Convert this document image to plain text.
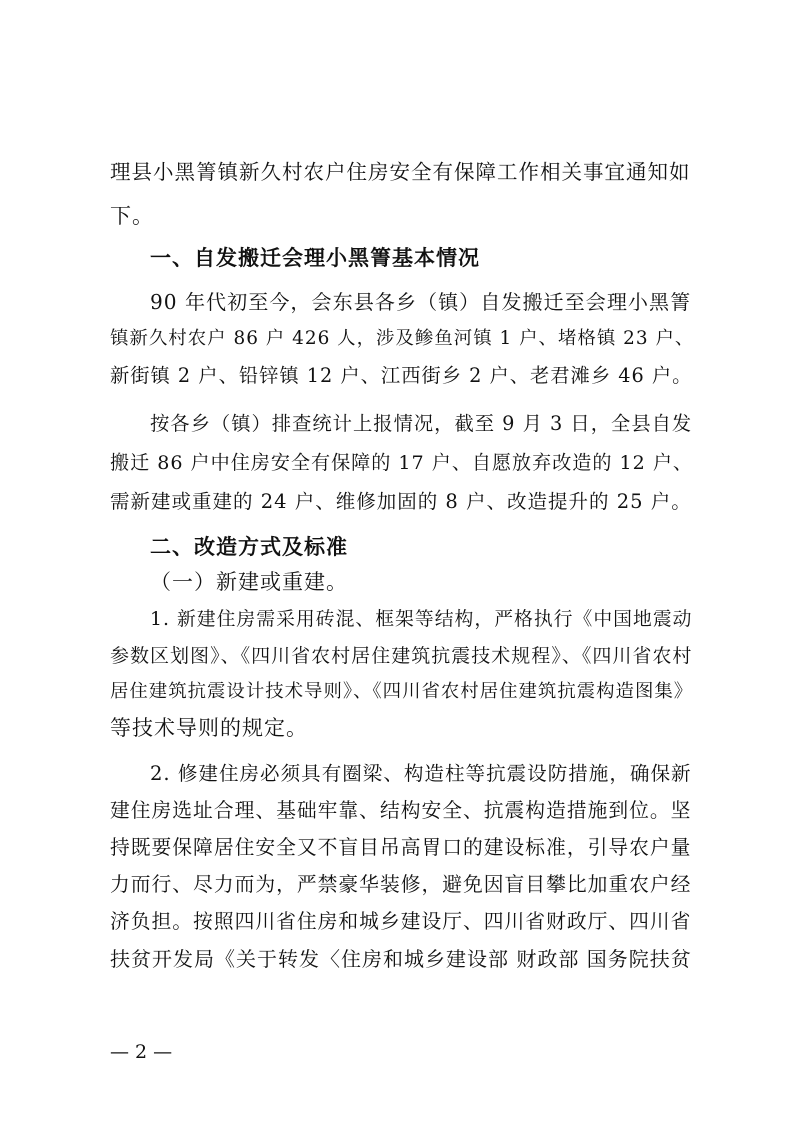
理县小黑箐镇新久村农户住房安全有保障工作相关事宜通知如
下。
一、自发搬迁会理小黑箐基本情况
90 年代初至今，会东县各乡（镇）自发搬迁至会理小黑箐
镇新久村农户 86 户 426 人，涉及鲹鱼河镇 1 户、堵格镇 23 户、
新街镇 2 户、铅锌镇 12 户、江西街乡 2 户、老君滩乡 46 户。
按各乡（镇）排查统计上报情况，截至 9 月 3 日，全县自发
搬迁 86 户中住房安全有保障的 17 户、自愿放弃改造的 12 户、
需新建或重建的 24 户、维修加固的 8 户、改造提升的 25 户。
二、改造方式及标准
（一）新建或重建。
1. 新建住房需采用砖混、框架等结构，严格执行《中国地震动
参数区划图》、《四川省农村居住建筑抗震技术规程》、《四川省农村
居住建筑抗震设计技术导则》、《四川省农村居住建筑抗震构造图集》
等技术导则的规定。
2. 修建住房必须具有圈梁、构造柱等抗震设防措施，确保新
建住房选址合理、基础牢靠、结构安全、抗震构造措施到位。坚
持既要保障居住安全又不盲目吊高胃口的建设标准，引导农户量
力而行、尽力而为，严禁豪华装修，避免因盲目攀比加重农户经
济负担。按照四川省住房和城乡建设厅、四川省财政厅、四川省
扶贫开发局《关于转发〈住房和城乡建设部 财政部 国务院扶贫
— 2 —
